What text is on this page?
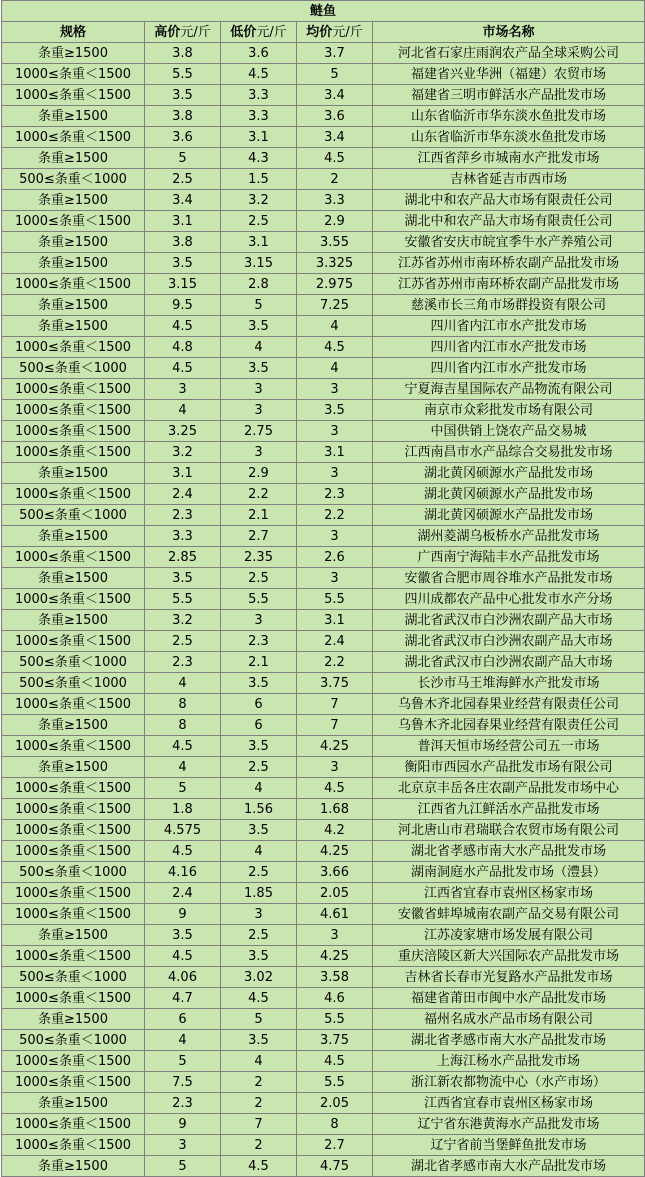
鲢鱼				
规格	高价元/斤	低价元/斤	均价元/斤	市场名称
条重≥1500	3.8	3.6	3.7	河北省石家庄雨润农产品全球采购公司
1000≤条重＜1500	5.5	4.5	5	福建省兴业华洲（福建）农贸市场
1000≤条重＜1500	3.5	3.3	3.4	福建省三明市鲜活水产品批发市场
条重≥1500	3.8	3.3	3.6	山东省临沂市华东淡水鱼批发市场
1000≤条重＜1500	3.6	3.1	3.4	山东省临沂市华东淡水鱼批发市场
条重≥1500	5	4.3	4.5	江西省萍乡市城南水产批发市场
500≤条重＜1000	2.5	1.5	2	吉林省延吉市西市场
条重≥1500	3.4	3.2	3.3	湖北中和农产品大市场有限责任公司
1000≤条重＜1500	3.1	2.5	2.9	湖北中和农产品大市场有限责任公司
条重≥1500	3.8	3.1	3.55	安徽省安庆市皖宜季牛水产养殖公司
条重≥1500	3.5	3.15	3.325	江苏省苏州市南环桥农副产品批发市场
1000≤条重＜1500	3.15	2.8	2.975	江苏省苏州市南环桥农副产品批发市场
条重≥1500	9.5	5	7.25	慈溪市长三角市场群投资有限公司
条重≥1500	4.5	3.5	4	四川省内江市水产批发市场
1000≤条重＜1500	4.8	4	4.5	四川省内江市水产批发市场
500≤条重＜1000	4.5	3.5	4	四川省内江市水产批发市场
1000≤条重＜1500	3	3	3	宁夏海吉星国际农产品物流有限公司
1000≤条重＜1500	4	3	3.5	南京市众彩批发市场有限公司
1000≤条重＜1500	3.25	2.75	3	中国供销上饶农产品交易城
1000≤条重＜1500	3.2	3	3.1	江西南昌市水产品综合交易批发市场
条重≥1500	3.1	2.9	3	湖北黄冈硕源水产品批发市场
1000≤条重＜1500	2.4	2.2	2.3	湖北黄冈硕源水产品批发市场
500≤条重＜1000	2.3	2.1	2.2	湖北黄冈硕源水产品批发市场
条重≥1500	3.3	2.7	3	湖州菱湖乌板桥水产品批发市场
1000≤条重＜1500	2.85	2.35	2.6	广西南宁海陆丰水产品批发市场
条重≥1500	3.5	2.5	3	安徽省合肥市周谷堆水产品批发市场
1000≤条重＜1500	5.5	5.5	5.5	四川成都农产品中心批发市水产分场
条重≥1500	3.2	3	3.1	湖北省武汉市白沙洲农副产品大市场
1000≤条重＜1500	2.5	2.3	2.4	湖北省武汉市白沙洲农副产品大市场
500≤条重＜1000	2.3	2.1	2.2	湖北省武汉市白沙洲农副产品大市场
500≤条重＜1000	4	3.5	3.75	长沙市马王堆海鲜水产批发市场
1000≤条重＜1500	8	6	7	乌鲁木齐北园春果业经营有限责任公司
条重≥1500	8	6	7	乌鲁木齐北园春果业经营有限责任公司
1000≤条重＜1500	4.5	3.5	4.25	普洱天恒市场经营公司五一市场
条重≥1500	4	2.5	3	衡阳市西园水产品批发市场有限公司
1000≤条重＜1500	5	4	4.5	北京京丰岳各庄农副产品批发市场中心
1000≤条重＜1500	1.8	1.56	1.68	江西省九江鲜活水产品批发市场
1000≤条重＜1500	4.575	3.5	4.2	河北唐山市君瑞联合农贸市场有限公司
1000≤条重＜1500	4.5	4	4.25	湖北省孝感市南大水产品批发市场
500≤条重＜1000	4.16	2.5	3.66	湖南洞庭水产品批发市场（澧县）
1000≤条重＜1500	2.4	1.85	2.05	江西省宜春市袁州区杨家市场
1000≤条重＜1500	9	3	4.61	安徽省蚌埠城南农副产品交易有限公司
条重≥1500	3.5	2.5	3	江苏凌家塘市场发展有限公司
1000≤条重＜1500	4.5	3.5	4.25	重庆涪陵区新大兴国际农产品批发市场
500≤条重＜1000	4.06	3.02	3.58	吉林省长春市光复路水产品批发市场
1000≤条重＜1500	4.7	4.5	4.6	福建省莆田市闽中水产品批发市场
条重≥1500	6	5	5.5	福州名成水产品市场有限公司
500≤条重＜1000	4	3.5	3.75	湖北省孝感市南大水产品批发市场
1000≤条重＜1500	5	4	4.5	上海江杨水产品批发市场
1000≤条重＜1500	7.5	2	5.5	浙江新农都物流中心（水产市场）
条重≥1500	2.3	2	2.05	江西省宜春市袁州区杨家市场
1000≤条重＜1500	9	7	8	辽宁省东港黄海水产品批发市场
1000≤条重＜1500	3	2	2.7	辽宁省前当堡鲜鱼批发市场
条重≥1500	5	4.5	4.75	湖北省孝感市南大水产品批发市场
